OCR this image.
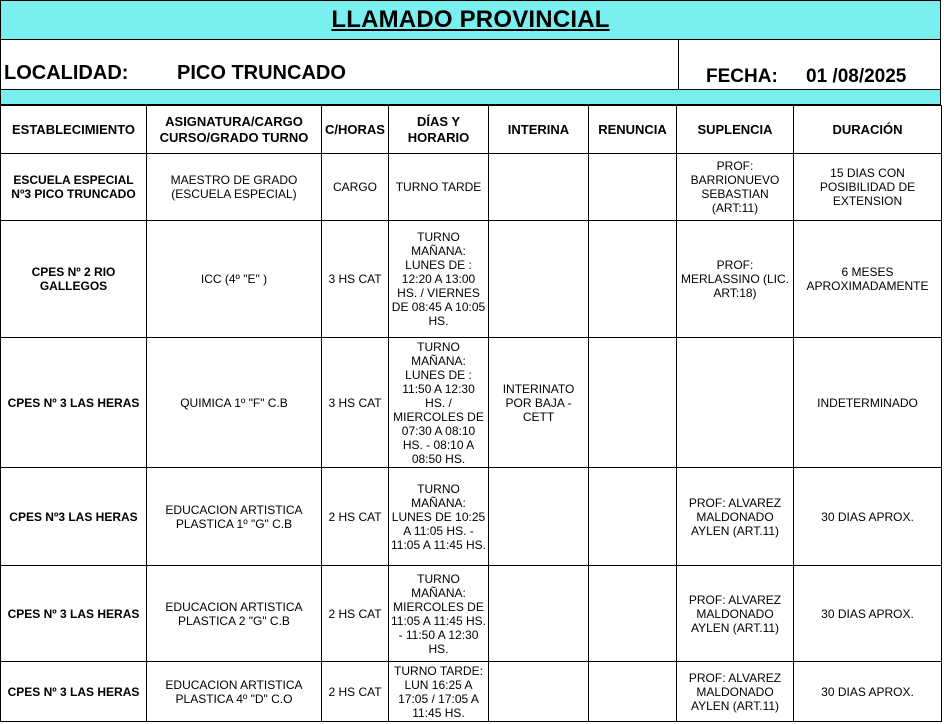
LLAMADO PROVINCIAL
LOCALIDAD: PICO TRUNCADO	FECHA: 01 /08/2025
ESTABLECIMIENTO	ASIGNATURA/CARGO CURSO/GRADO TURNO	C/HORAS	DÍAS Y HORARIO	INTERINA	RENUNCIA	SUPLENCIA	DURACIÓN
ESCUELA ESPECIAL Nº3 PICO TRUNCADO	MAESTRO DE GRADO (ESCUELA ESPECIAL)	CARGO	TURNO TARDE			PROF: BARRIONUEVO SEBASTIAN (ART:11)	15 DIAS CON POSIBILIDAD DE EXTENSION
CPES Nº 2 RIO GALLEGOS	ICC (4º "E" )	3 HS CAT	TURNO MAÑANA: LUNES DE : 12:20 A 13:00 HS. / VIERNES DE 08:45 A 10:05 HS.			PROF: MERLASSINO (LIC. ART:18)	6 MESES APROXIMADAMENTE
CPES Nº 3 LAS HERAS	QUIMICA 1º "F" C.B	3 HS CAT	TURNO MAÑANA: LUNES DE : 11:50 A 12:30 HS. / MIERCOLES DE 07:30 A 08:10 HS. - 08:10 A 08:50 HS.	INTERINATO POR BAJA - CETT			INDETERMINADO
CPES Nº3 LAS HERAS	EDUCACION ARTISTICA PLASTICA 1º "G" C.B	2 HS CAT	TURNO MAÑANA: LUNES DE 10:25 A 11:05 HS. - 11:05 A 11:45 HS.			PROF: ALVAREZ MALDONADO AYLEN (ART.11)	30 DIAS APROX.
CPES Nº 3 LAS HERAS	EDUCACION ARTISTICA PLASTICA 2 "G" C.B	2 HS CAT	TURNO MAÑANA: MIERCOLES DE 11:05 A 11:45 HS. - 11:50 A 12:30 HS.			PROF: ALVAREZ MALDONADO AYLEN (ART.11)	30 DIAS APROX.
CPES Nº 3 LAS HERAS	EDUCACION ARTISTICA PLASTICA 4º "D" C.O	2 HS CAT	TURNO TARDE: LUN 16:25 A 17:05 / 17:05 A 11:45 HS.			PROF: ALVAREZ MALDONADO AYLEN (ART.11)	30 DIAS APROX.
